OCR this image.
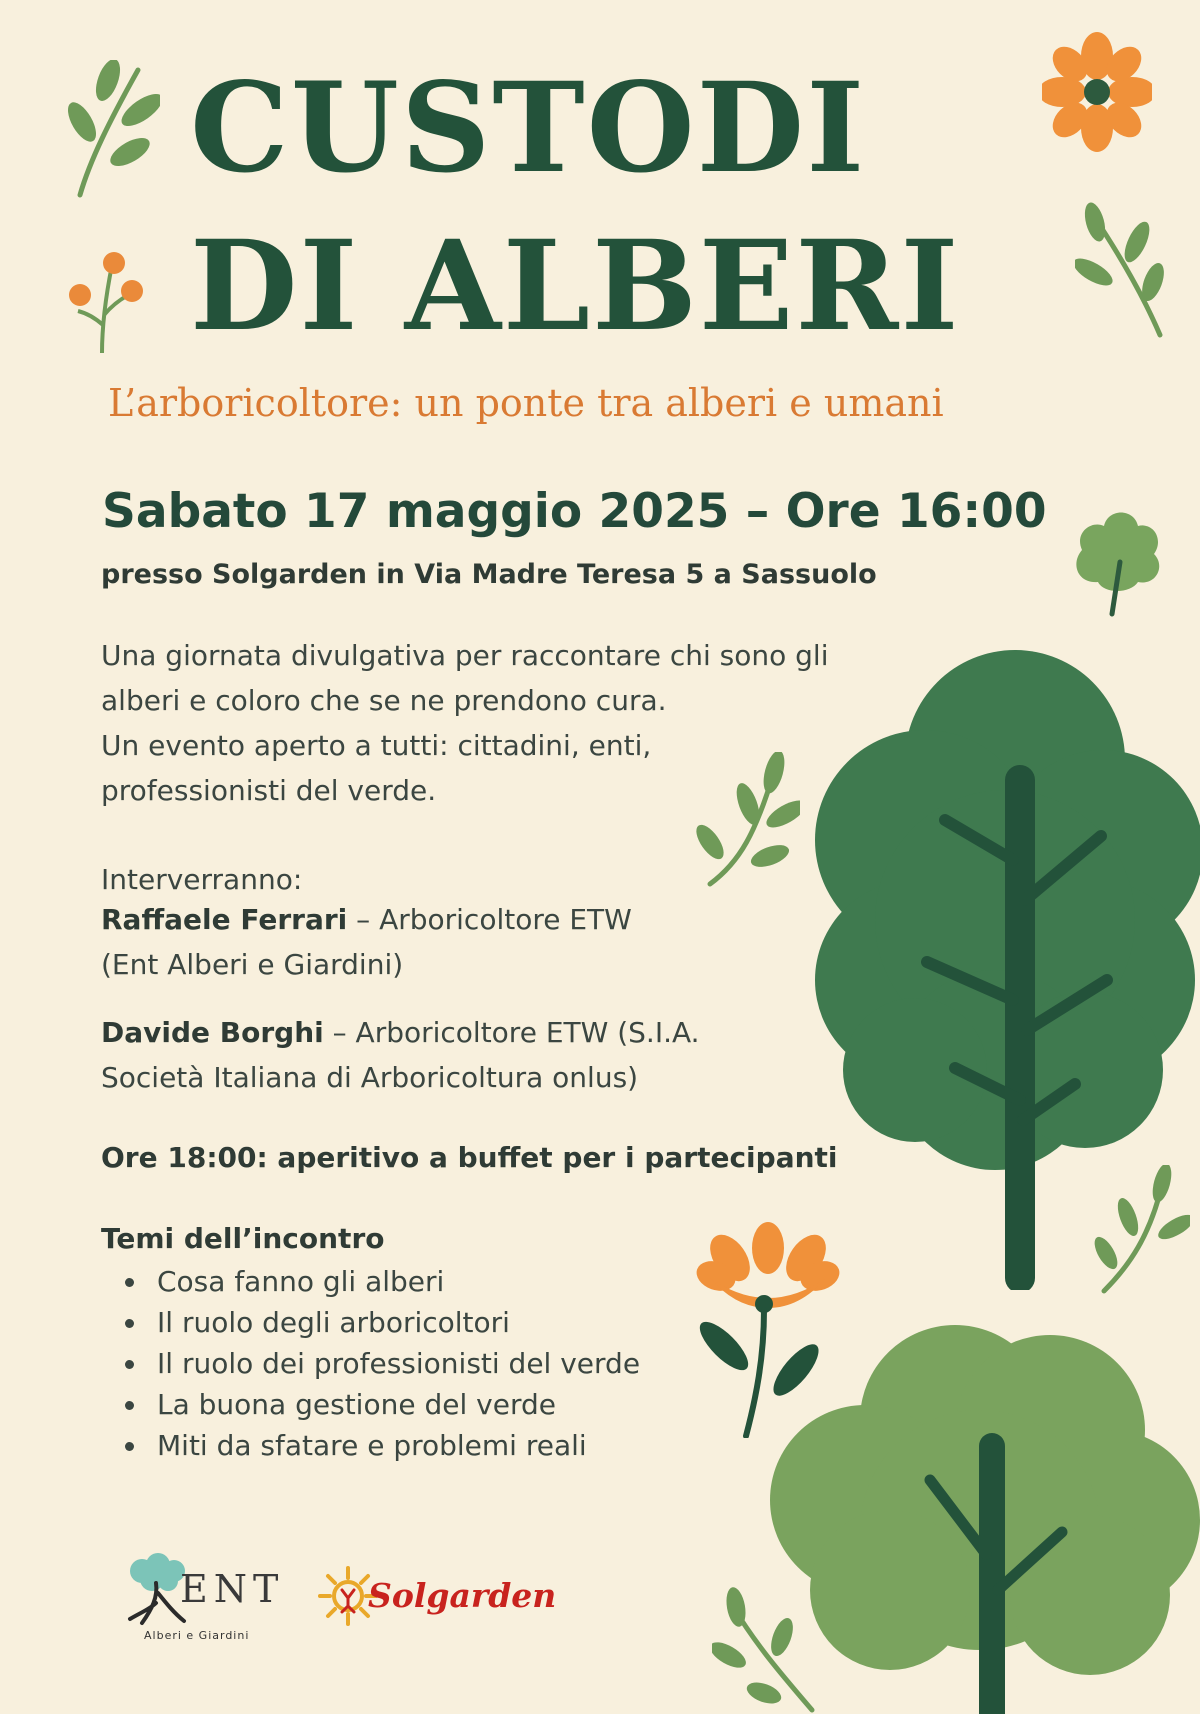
CUSTODI
DI ALBERI
L’arboricoltore: un ponte tra alberi e umani
Sabato 17 maggio 2025 – Ore 16:00
presso Solgarden in Via Madre Teresa 5 a Sassuolo
Una giornata divulgativa per raccontare chi sono gli
alberi e coloro che se ne prendono cura.
Un evento aperto a tutti: cittadini, enti,
professionisti del verde.
Interverranno:
Raffaele Ferrari – Arboricoltore ETW
(Ent Alberi e Giardini)
Davide Borghi – Arboricoltore ETW (S.I.A.
Società Italiana di Arboricoltura onlus)
Ore 18:00: aperitivo a buffet per i partecipanti
Temi dell’incontro
Cosa fanno gli alberi
Il ruolo degli arboricoltori
Il ruolo dei professionisti del verde
La buona gestione del verde
Miti da sfatare e problemi reali
ENT
Alberi e Giardini
Solgarden
